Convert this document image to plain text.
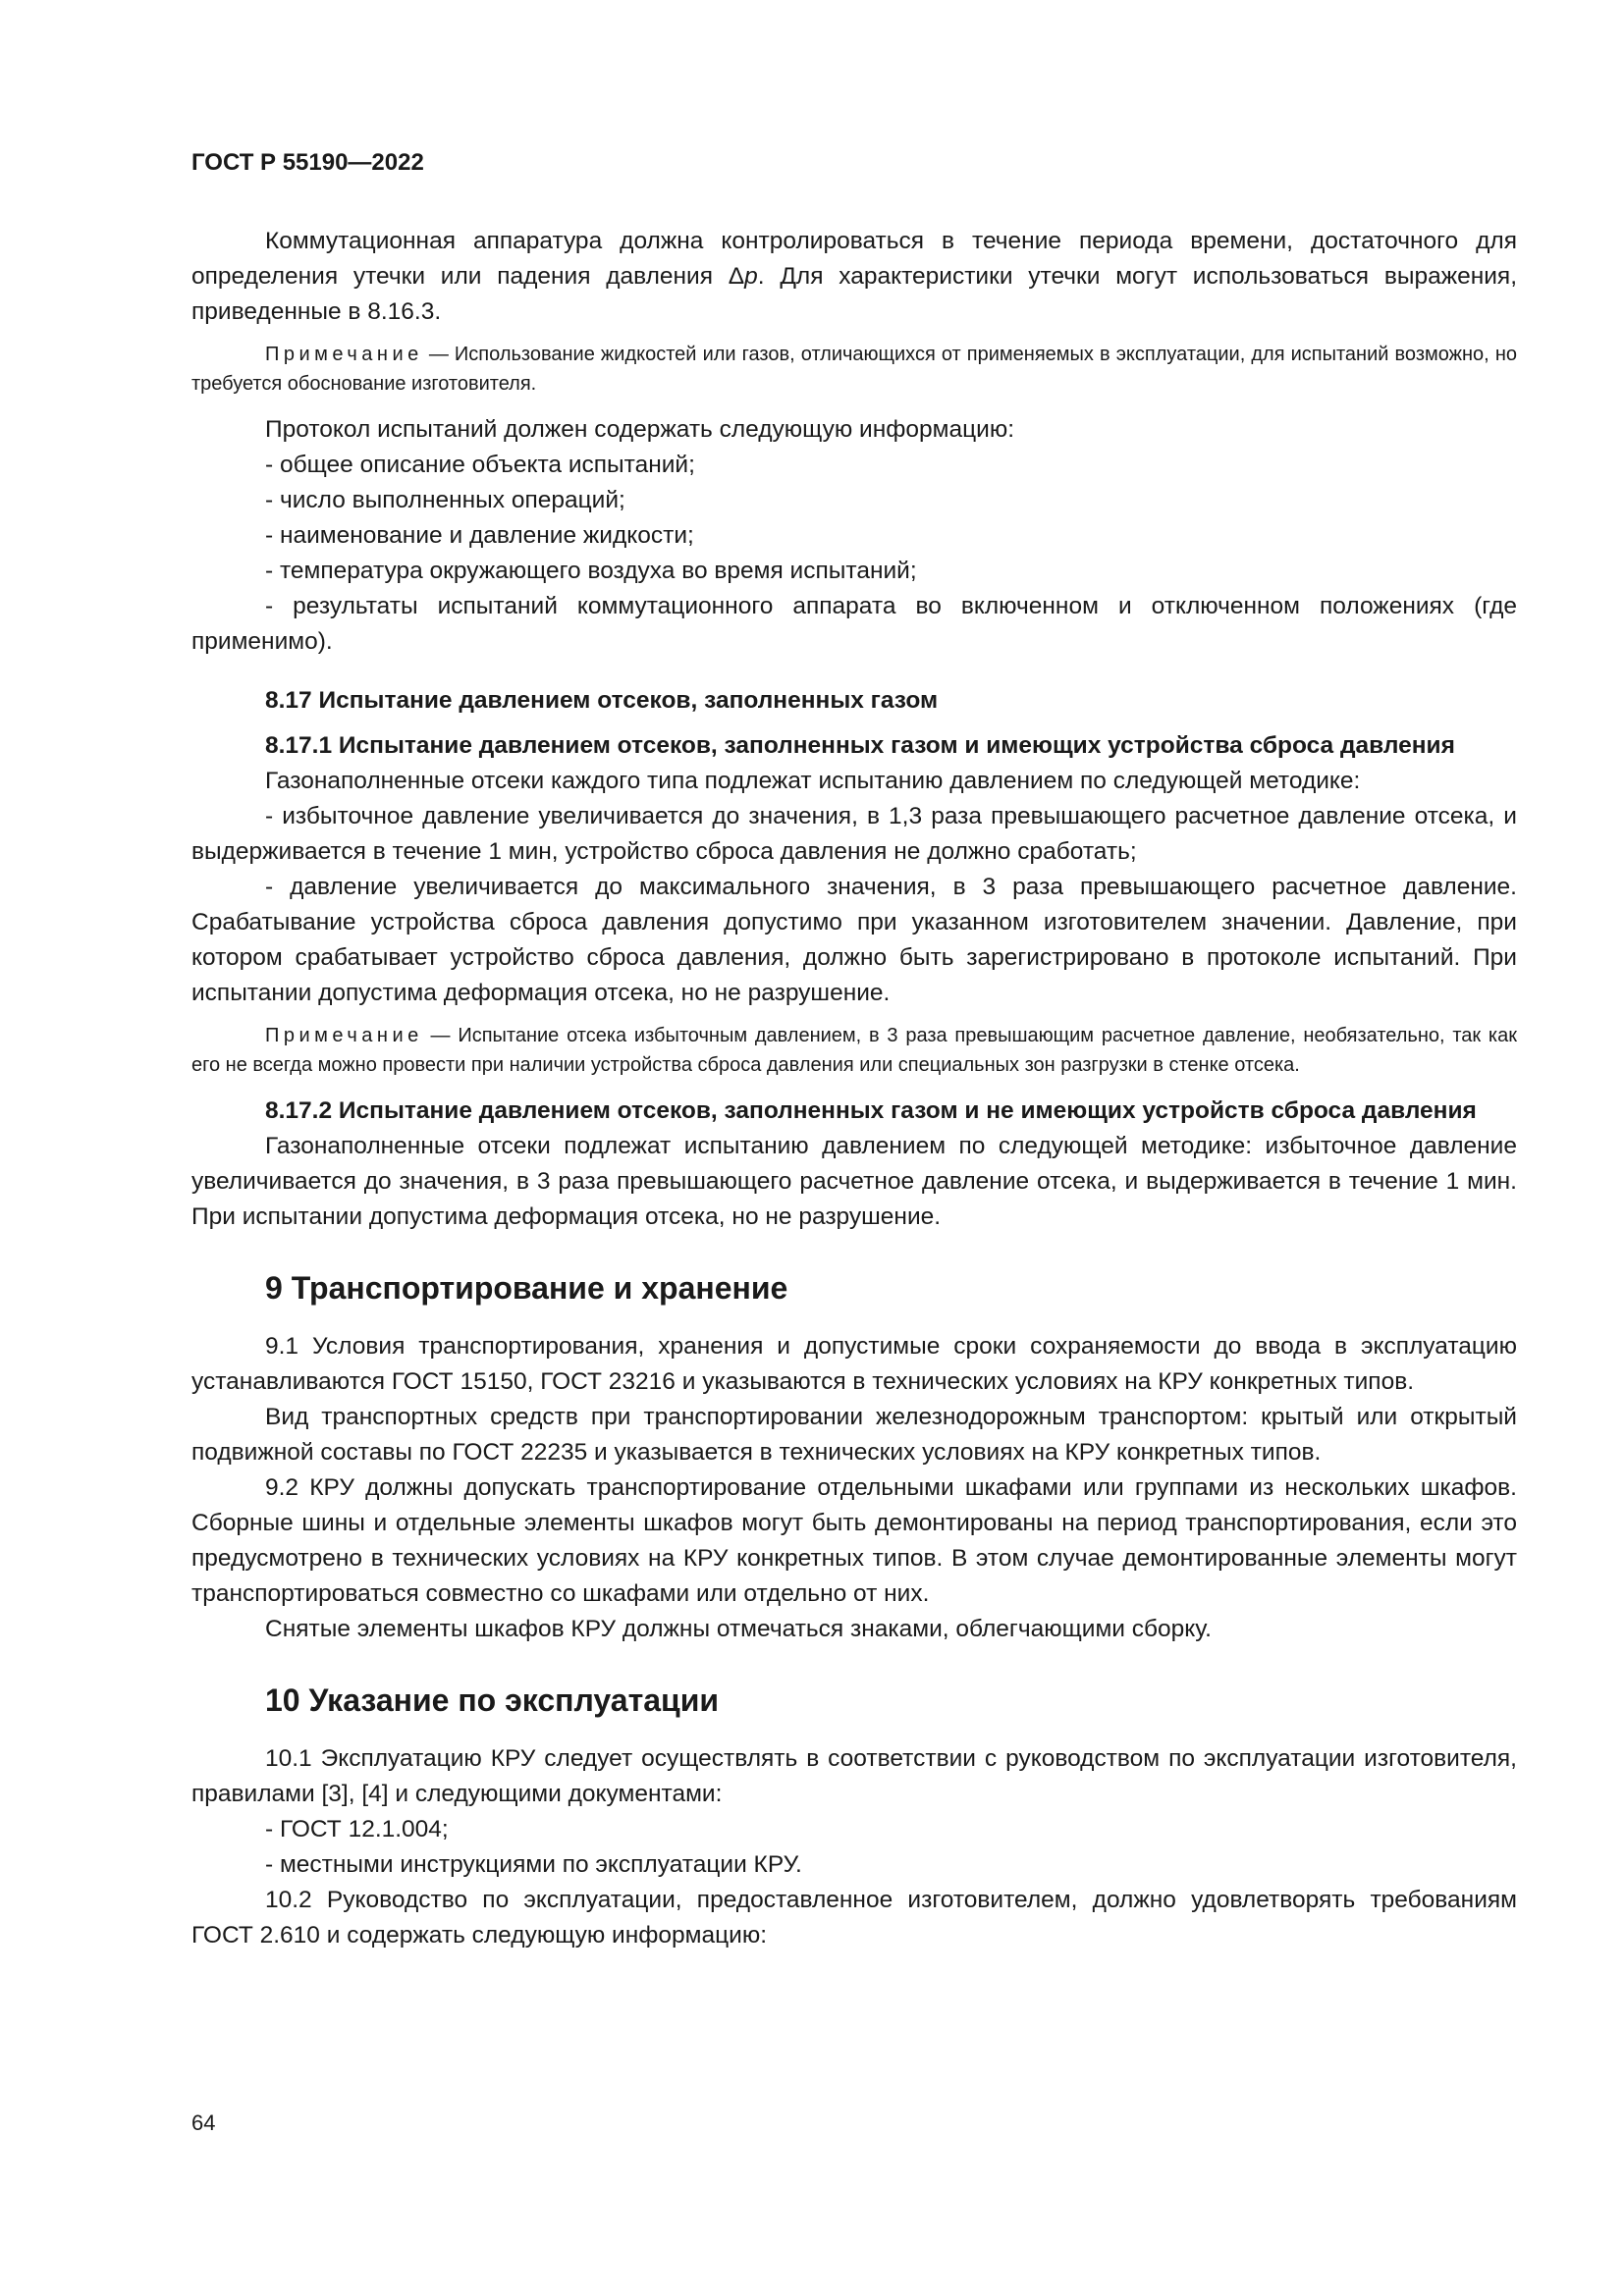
ГОСТ Р 55190—2022

Коммутационная аппаратура должна контролироваться в течение периода времени, достаточного для определения утечки или падения давления Δp. Для характеристики утечки могут использоваться выражения, приведенные в 8.16.3.

Примечание — Использование жидкостей или газов, отличающихся от применяемых в эксплуатации, для испытаний возможно, но требуется обоснование изготовителя.

Протокол испытаний должен содержать следующую информацию:

- общее описание объекта испытаний;

- число выполненных операций;

- наименование и давление жидкости;

- температура окружающего воздуха во время испытаний;

- результаты испытаний коммутационного аппарата во включенном и отключенном положениях (где применимо).

8.17 Испытание давлением отсеков, заполненных газом
8.17.1 Испытание давлением отсеков, заполненных газом и имеющих устройства сброса давления

Газонаполненные отсеки каждого типа подлежат испытанию давлением по следующей методике:

- избыточное давление увеличивается до значения, в 1,3 раза превышающего расчетное давление отсека, и выдерживается в течение 1 мин, устройство сброса давления не должно сработать;

- давление увеличивается до максимального значения, в 3 раза превышающего расчетное давление. Срабатывание устройства сброса давления допустимо при указанном изготовителем значении. Давление, при котором срабатывает устройство сброса давления, должно быть зарегистрировано в протоколе испытаний. При испытании допустима деформация отсека, но не разрушение.

Примечание — Испытание отсека избыточным давлением, в 3 раза превышающим расчетное давление, необязательно, так как его не всегда можно провести при наличии устройства сброса давления или специальных зон разгрузки в стенке отсека.
8.17.2 Испытание давлением отсеков, заполненных газом и не имеющих устройств сброса давления

Газонаполненные отсеки подлежат испытанию давлением по следующей методике: избыточное давление увеличивается до значения, в 3 раза превышающего расчетное давление отсека, и выдерживается в течение 1 мин. При испытании допустима деформация отсека, но не разрушение.

9 Транспортирование и хранение

9.1 Условия транспортирования, хранения и допустимые сроки сохраняемости до ввода в эксплуатацию устанавливаются ГОСТ 15150, ГОСТ 23216 и указываются в технических условиях на КРУ конкретных типов.

Вид транспортных средств при транспортировании железнодорожным транспортом: крытый или открытый подвижной составы по ГОСТ 22235 и указывается в технических условиях на КРУ конкретных типов.

9.2 КРУ должны допускать транспортирование отдельными шкафами или группами из нескольких шкафов. Сборные шины и отдельные элементы шкафов могут быть демонтированы на период транспортирования, если это предусмотрено в технических условиях на КРУ конкретных типов. В этом случае демонтированные элементы могут транспортироваться совместно со шкафами или отдельно от них.

Снятые элементы шкафов КРУ должны отмечаться знаками, облегчающими сборку.

10 Указание по эксплуатации

10.1 Эксплуатацию КРУ следует осуществлять в соответствии с руководством по эксплуатации изготовителя, правилами [3], [4] и следующими документами:

- ГОСТ 12.1.004;

- местными инструкциями по эксплуатации КРУ.

10.2 Руководство по эксплуатации, предоставленное изготовителем, должно удовлетворять требованиям ГОСТ 2.610 и содержать следующую информацию:

64
